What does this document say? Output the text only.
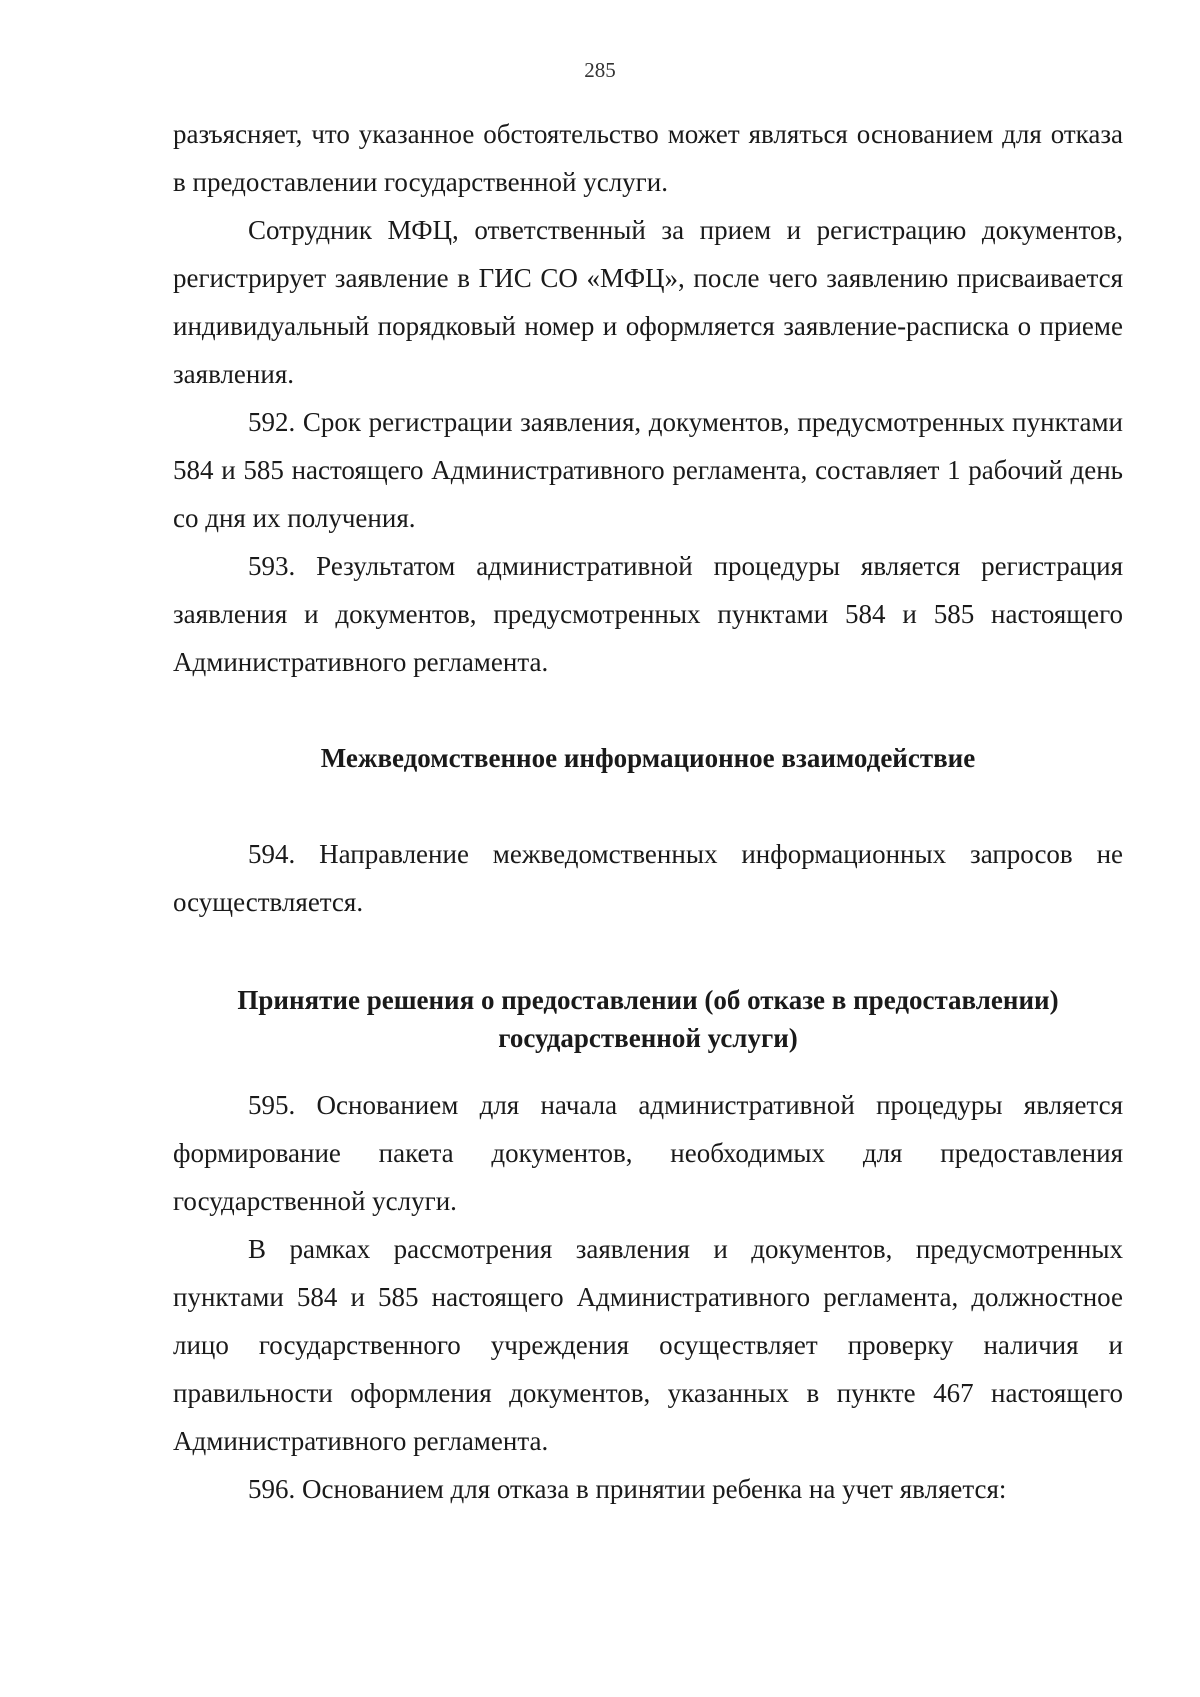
285

разъясняет, что указанное обстоятельство может являться основанием для отказа в предоставлении государственной услуги.

Сотрудник МФЦ, ответственный за прием и регистрацию документов, регистрирует заявление в ГИС СО «МФЦ», после чего заявлению присваивается индивидуальный порядковый номер и оформляется заявление-расписка о приеме заявления.

592. Срок регистрации заявления, документов, предусмотренных пунктами 584 и 585 настоящего Административного регламента, составляет 1 рабочий день со дня их получения.

593. Результатом административной процедуры является регистрация заявления и документов, предусмотренных пунктами 584 и 585 настоящего Административного регламента.

Межведомственное информационное взаимодействие

594. Направление межведомственных информационных запросов не осуществляется.

Принятие решения о предоставлении (об отказе в предоставлении)
государственной услуги)

595. Основанием для начала административной процедуры является формирование пакета документов, необходимых для предоставления государственной услуги.

В рамках рассмотрения заявления и документов, предусмотренных пунктами 584 и 585 настоящего Административного регламента, должностное лицо государственного учреждения осуществляет проверку наличия и правильности оформления документов, указанных в пункте 467 настоящего Административного регламента.

596. Основанием для отказа в принятии ребенка на учет является:
